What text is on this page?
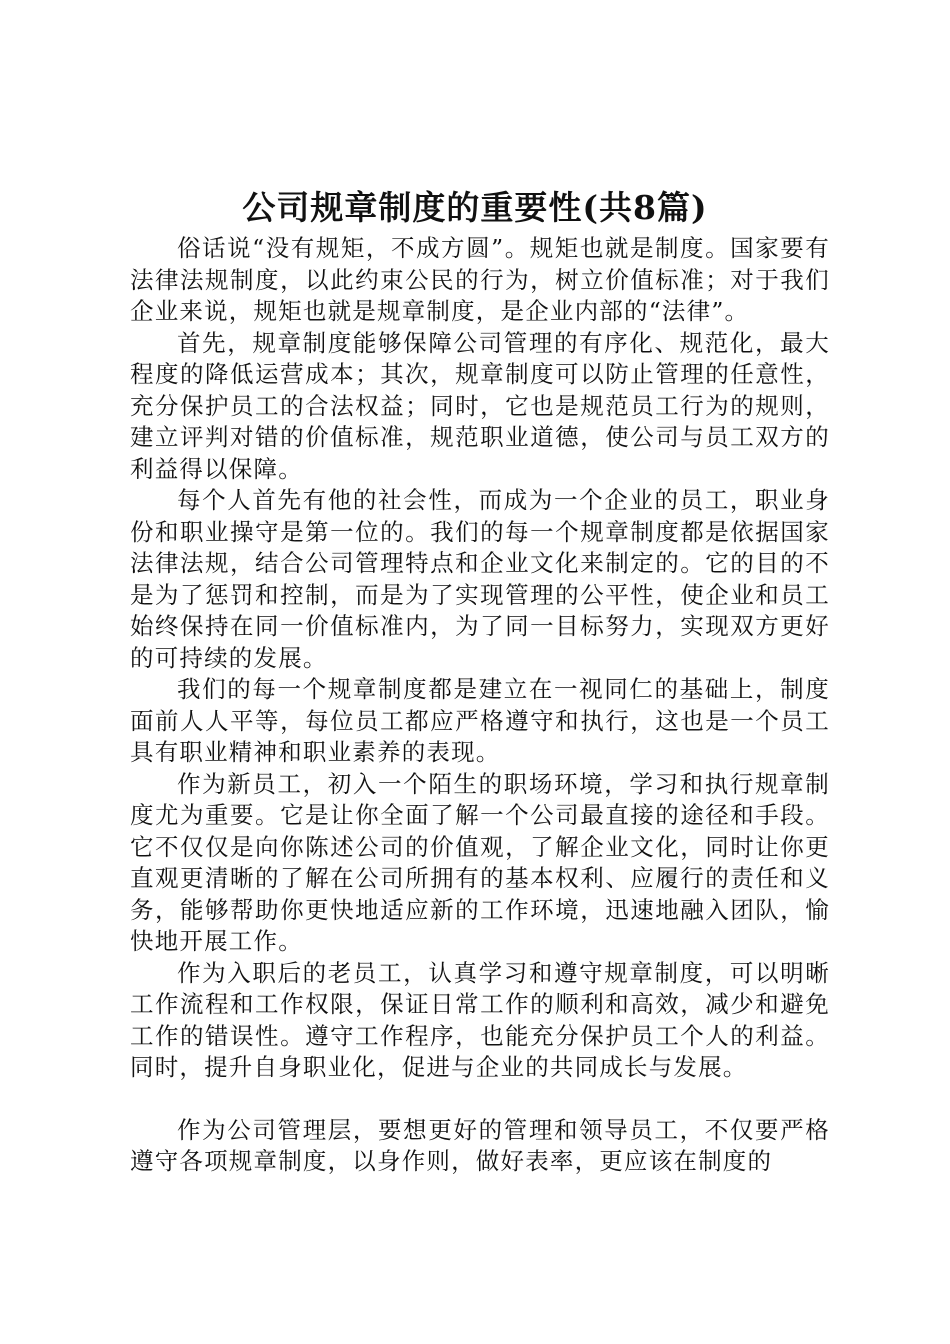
公司规章制度的重要性(共8篇)

俗话说“没有规矩，不成方圆”。规矩也就是制度。国家要有法律法规制度，以此约束公民的行为，树立价值标准；对于我们企业来说，规矩也就是规章制度，是企业内部的“法律”。

首先，规章制度能够保障公司管理的有序化、规范化，最大程度的降低运营成本；其次，规章制度可以防止管理的任意性，充分保护员工的合法权益；同时，它也是规范员工行为的规则，建立评判对错的价值标准，规范职业道德，使公司与员工双方的利益得以保障。

每个人首先有他的社会性，而成为一个企业的员工，职业身份和职业操守是第一位的。我们的每一个规章制度都是依据国家法律法规，结合公司管理特点和企业文化来制定的。它的目的不是为了惩罚和控制，而是为了实现管理的公平性，使企业和员工始终保持在同一价值标准内，为了同一目标努力，实现双方更好的可持续的发展。

我们的每一个规章制度都是建立在一视同仁的基础上，制度面前人人平等，每位员工都应严格遵守和执行，这也是一个员工具有职业精神和职业素养的表现。

作为新员工，初入一个陌生的职场环境，学习和执行规章制度尤为重要。它是让你全面了解一个公司最直接的途径和手段。它不仅仅是向你陈述公司的价值观，了解企业文化，同时让你更直观更清晰的了解在公司所拥有的基本权利、应履行的责任和义务，能够帮助你更快地适应新的工作环境，迅速地融入团队，愉快地开展工作。

作为入职后的老员工，认真学习和遵守规章制度，可以明晰工作流程和工作权限，保证日常工作的顺利和高效，减少和避免工作的错误性。遵守工作程序，也能充分保护员工个人的利益。同时，提升自身职业化，促进与企业的共同成长与发展。

作为公司管理层，要想更好的管理和领导员工，不仅要严格遵守各项规章制度，以身作则，做好表率，更应该在制度的
